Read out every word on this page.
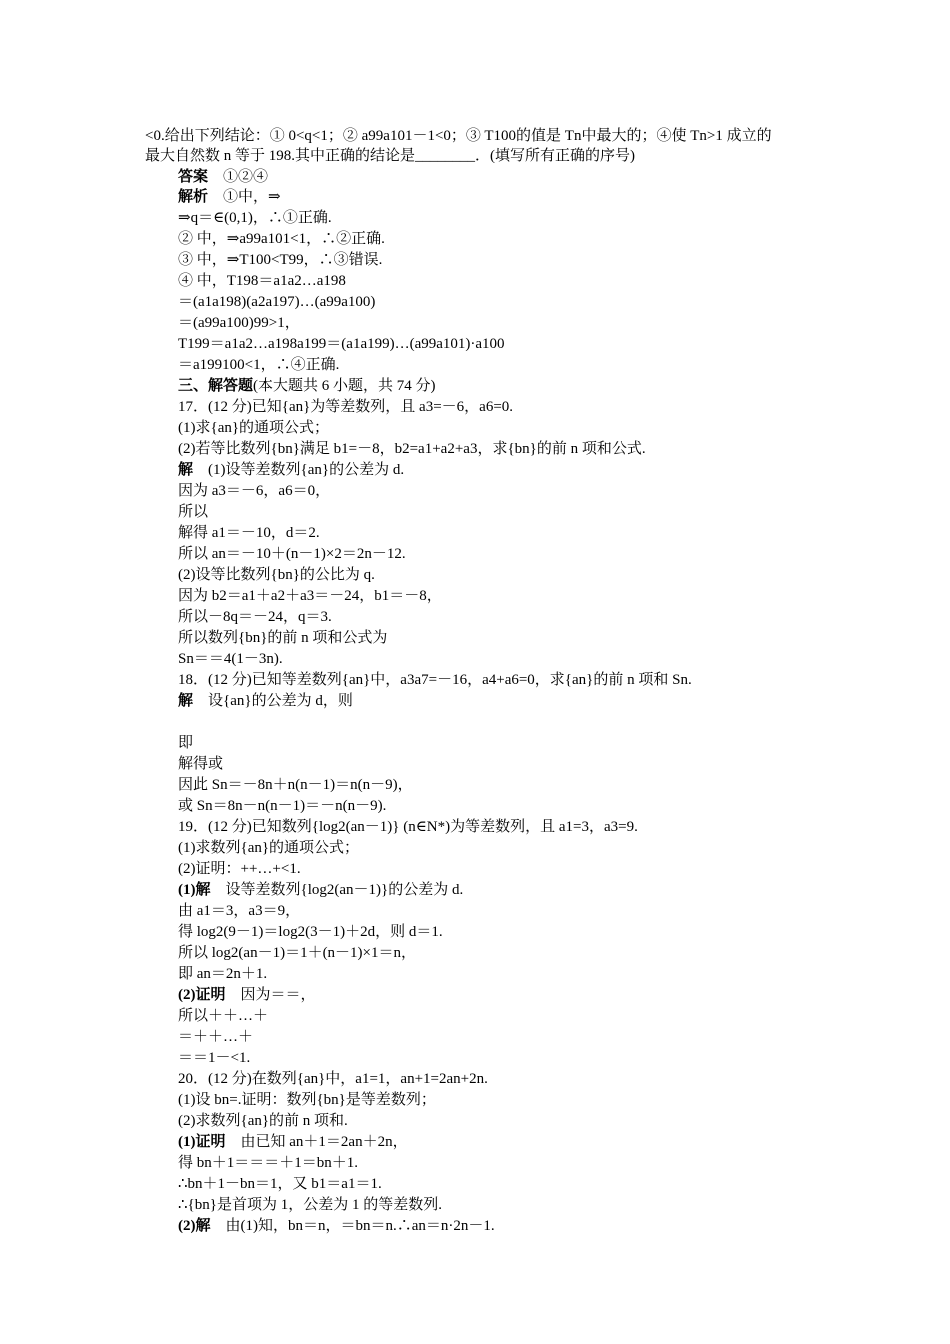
<0.给出下列结论：① 0<q<1；② a99a101－1<0；③ T100的值是 Tn中最大的；④使 Tn>1 成立的
最大自然数 n 等于 198.其中正确的结论是________．(填写所有正确的序号)
答案　 ①②④
解析　 ①中，⇒
⇒q＝∈(0,1)，∴①正确.
② 中，⇒a99a101<1，∴②正确.
③ 中，⇒T100<T99，∴③错误.
④ 中，T198＝a1a2…a198
＝(a1a198)(a2a197)…(a99a100)
＝(a99a100)99>1，
T199＝a1a2…a198a199＝(a1a199)…(a99a101)·a100
＝a199100<1，∴④正确.
三、解答题(本大题共 6 小题，共 74 分)
17．(12 分)已知{an}为等差数列，且 a3=－6，a6=0.
(1)求{an}的通项公式；
(2)若等比数列{bn}满足 b1=－8，b2=a1+a2+a3，求{bn}的前 n 项和公式.
解　 (1)设等差数列{an}的公差为 d.
因为 a3＝－6，a6＝0，
所以
解得 a1＝－10，d＝2.
所以 an＝－10＋(n－1)×2＝2n－12.
(2)设等比数列{bn}的公比为 q.
因为 b2＝a1＋a2＋a3＝－24，b1＝－8，
所以－8q＝－24，q＝3.
所以数列{bn}的前 n 项和公式为
Sn＝＝4(1－3n).
18．(12 分)已知等差数列{an}中，a3a7=－16，a4+a6=0，求{an}的前 n 项和 Sn.
解　 设{an}的公差为 d，则
即
解得或
因此 Sn＝－8n＋n(n－1)＝n(n－9)，
或 Sn＝8n－n(n－1)＝－n(n－9).
19．(12 分)已知数列{log2(an－1)} (n∈N*)为等差数列，且 a1=3，a3=9.
(1)求数列{an}的通项公式；
(2)证明：++…+<1.
(1)解　 设等差数列{log2(an－1)}的公差为 d.
由 a1＝3，a3＝9，
得 log2(9－1)＝log2(3－1)＋2d，则 d＝1.
所以 log2(an－1)＝1＋(n－1)×1＝n，
即 an＝2n＋1.
(2)证明　 因为＝＝，
所以＋＋…＋
＝＋＋…＋
＝＝1－<1.
20．(12 分)在数列{an}中，a1=1，an+1=2an+2n.
(1)设 bn=.证明：数列{bn}是等差数列；
(2)求数列{an}的前 n 项和.
(1)证明　 由已知 an＋1＝2an＋2n，
得 bn＋1＝＝＝＋1＝bn＋1.
∴bn＋1－bn＝1，又 b1＝a1＝1.
∴{bn}是首项为 1，公差为 1 的等差数列.
(2)解　 由(1)知，bn＝n，＝bn＝n.∴an＝n·2n－1.
